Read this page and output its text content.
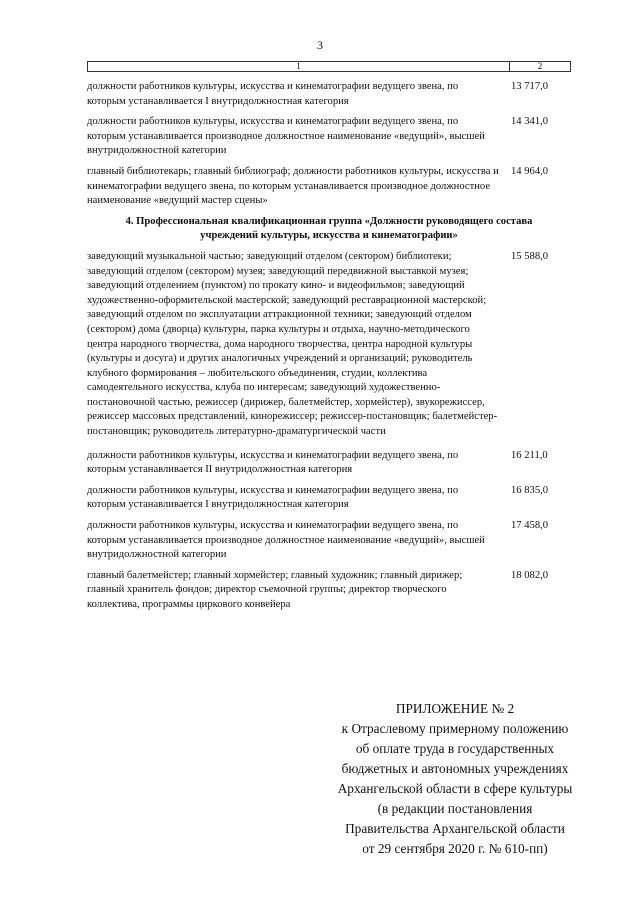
3
1	2
должности работников культуры, искусства и кинематографии ведущего звена, по которым устанавливается I внутридолжностная категория
13 717,0
должности работников культуры, искусства и кинематографии ведущего звена, по которым устанавливается производное должностное наименование «ведущий», высшей внутридолжностной категории
14 341,0
главный библиотекарь; главный библиограф; должности работников культуры, искусства и кинематографии ведущего звена, по которым устанавливается производное должностное наименование «ведущий мастер сцены»
14 964,0
4. Профессиональная квалификационная группа «Должности руководящего состава учреждений культуры, искусства и кинематографии»
заведующий музыкальной частью; заведующий отделом (сектором) библиотеки; заведующий отделом (сектором) музея; заведующий передвижной выставкой музея; заведующий отделением (пунктом) по прокату кино- и видеофильмов; заведующий художественно-оформительской мастерской; заведующий реставрационной мастерской; заведующий отделом по эксплуатации аттракционной техники; заведующий отделом (сектором) дома (дворца) культуры, парка культуры и отдыха, научно-методического центра народного творчества, дома народного творчества, центра народной культуры (культуры и досуга) и других аналогичных учреждений и организаций; руководитель клубного формирования – любительского объединения, студии, коллектива самодеятельного искусства, клуба по интересам; заведующий художественно-постановочной частью, режиссер (дирижер, балетмейстер, хормейстер), звукорежиссер, режиссер массовых представлений, кинорежиссер; режиссер-постановщик; балетмейстер-постановщик; руководитель литературно-драматургической части
15 588,0
должности работников культуры, искусства и кинематографии ведущего звена, по которым устанавливается II внутридолжностная категория
16 211,0
должности работников культуры, искусства и кинематографии ведущего звена, по которым устанавливается I внутридолжностная категория
16 835,0
должности работников культуры, искусства и кинематографии ведущего звена, по которым устанавливается производное должностное наименование «ведущий», высшей внутридолжностной категории
17 458,0
главный балетмейстер; главный хормейстер; главный художник; главный дирижер; главный хранитель фондов; директор съемочной группы; директор творческого коллектива, программы циркового конвейера
18 082,0
ПРИЛОЖЕНИЕ № 2
к Отраслевому примерному положению
об оплате труда в государственных
бюджетных и автономных учреждениях
Архангельской области в сфере культуры
(в редакции постановления
Правительства Архангельской области
от 29 сентября 2020 г. № 610-пп)
